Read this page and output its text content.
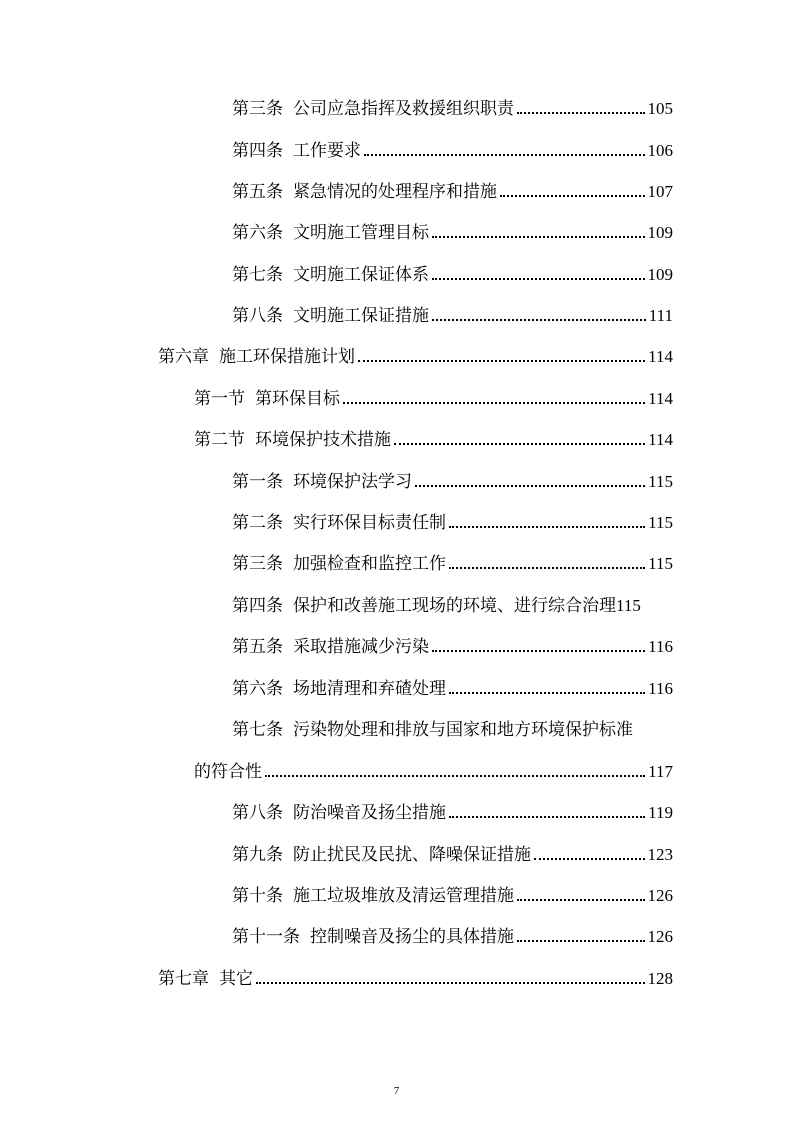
第三条 公司应急指挥及救援组织职责	105
第四条 工作要求	106
第五条 紧急情况的处理程序和措施	107
第六条 文明施工管理目标	109
第七条 文明施工保证体系	109
第八条 文明施工保证措施	111
第六章 施工环保措施计划	114
第一节 第环保目标	114
第二节 环境保护技术措施	114
第一条 环境保护法学习	115
第二条 实行环保目标责任制	115
第三条 加强检查和监控工作	115
第四条 保护和改善施工现场的环境、进行综合治理 115
第五条 采取措施减少污染	116
第六条 场地清理和弃碴处理	116
第七条 污染物处理和排放与国家和地方环境保护标准
的符合性	117
第八条 防治噪音及扬尘措施	119
第九条 防止扰民及民扰、降噪保证措施	123
第十条 施工垃圾堆放及清运管理措施	126
第十一条 控制噪音及扬尘的具体措施	126
第七章 其它	128
7
